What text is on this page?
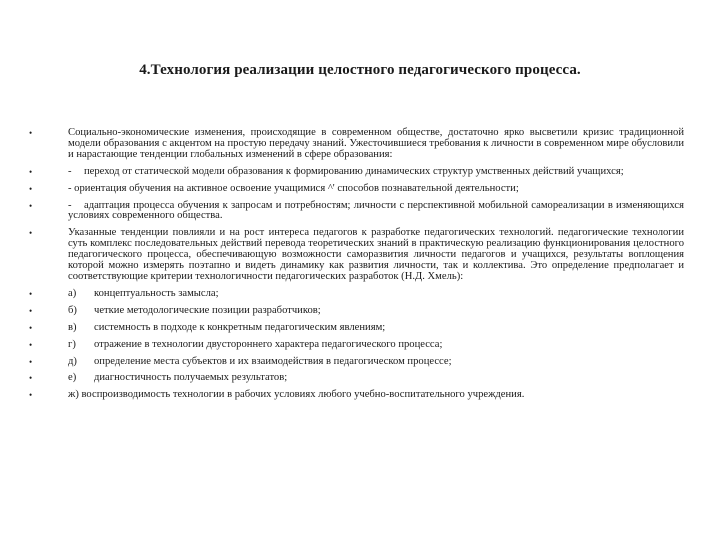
4.Технология реализации целостного педагогического процесса.
•	Социально-экономические изменения, происходящие в современном обществе, достаточно ярко высветили кризис традиционной модели образования с акцентом на простую передачу знаний. Ужесточившиеся требования к личности в современном мире обусловили и нарастающие тенденции глобальных изменений в сфере образования:
•	- переход от статической модели образования к формированию динамических структур умственных действий учащихся;
•	- ориентация обучения на активное освоение учащимися ^' способов познавательной деятельности;
•	- адаптация процесса обучения к запросам и потребностям; личности с перспективной мобильной самореализации в изменяющихся условиях современного общества.
•	Указанные тенденции повлияли и на рост интереса педагогов к разработке педагогических технологий. педагогические технологии суть комплекс последовательных действий перевода теоретических знаний в практическую реализацию функционирования целостного педагогического процесса, обеспечивающую возможности саморазвития личности педагогов и учащихся, результаты воплощения которой можно измерять поэтапно и видеть динамику как развития личности, так и коллектива. Это определение предполагает и соответствующие критерии технологичности педагогических разработок (Н.Д. Хмель):
•	а) концептуальность замысла;
•	б) четкие методологические позиции разработчиков;
•	в) системность в подходе к конкретным педагогическим явлениям;
•	г) отражение в технологии двустороннего характера педагогического процесса;
•	д) определение места субъектов и их взаимодействия в педагогическом процессе;
•	е) диагностичность получаемых результатов;
•	ж) воспроизводимость технологии в рабочих условиях любого учебно-воспитательного учреждения.
